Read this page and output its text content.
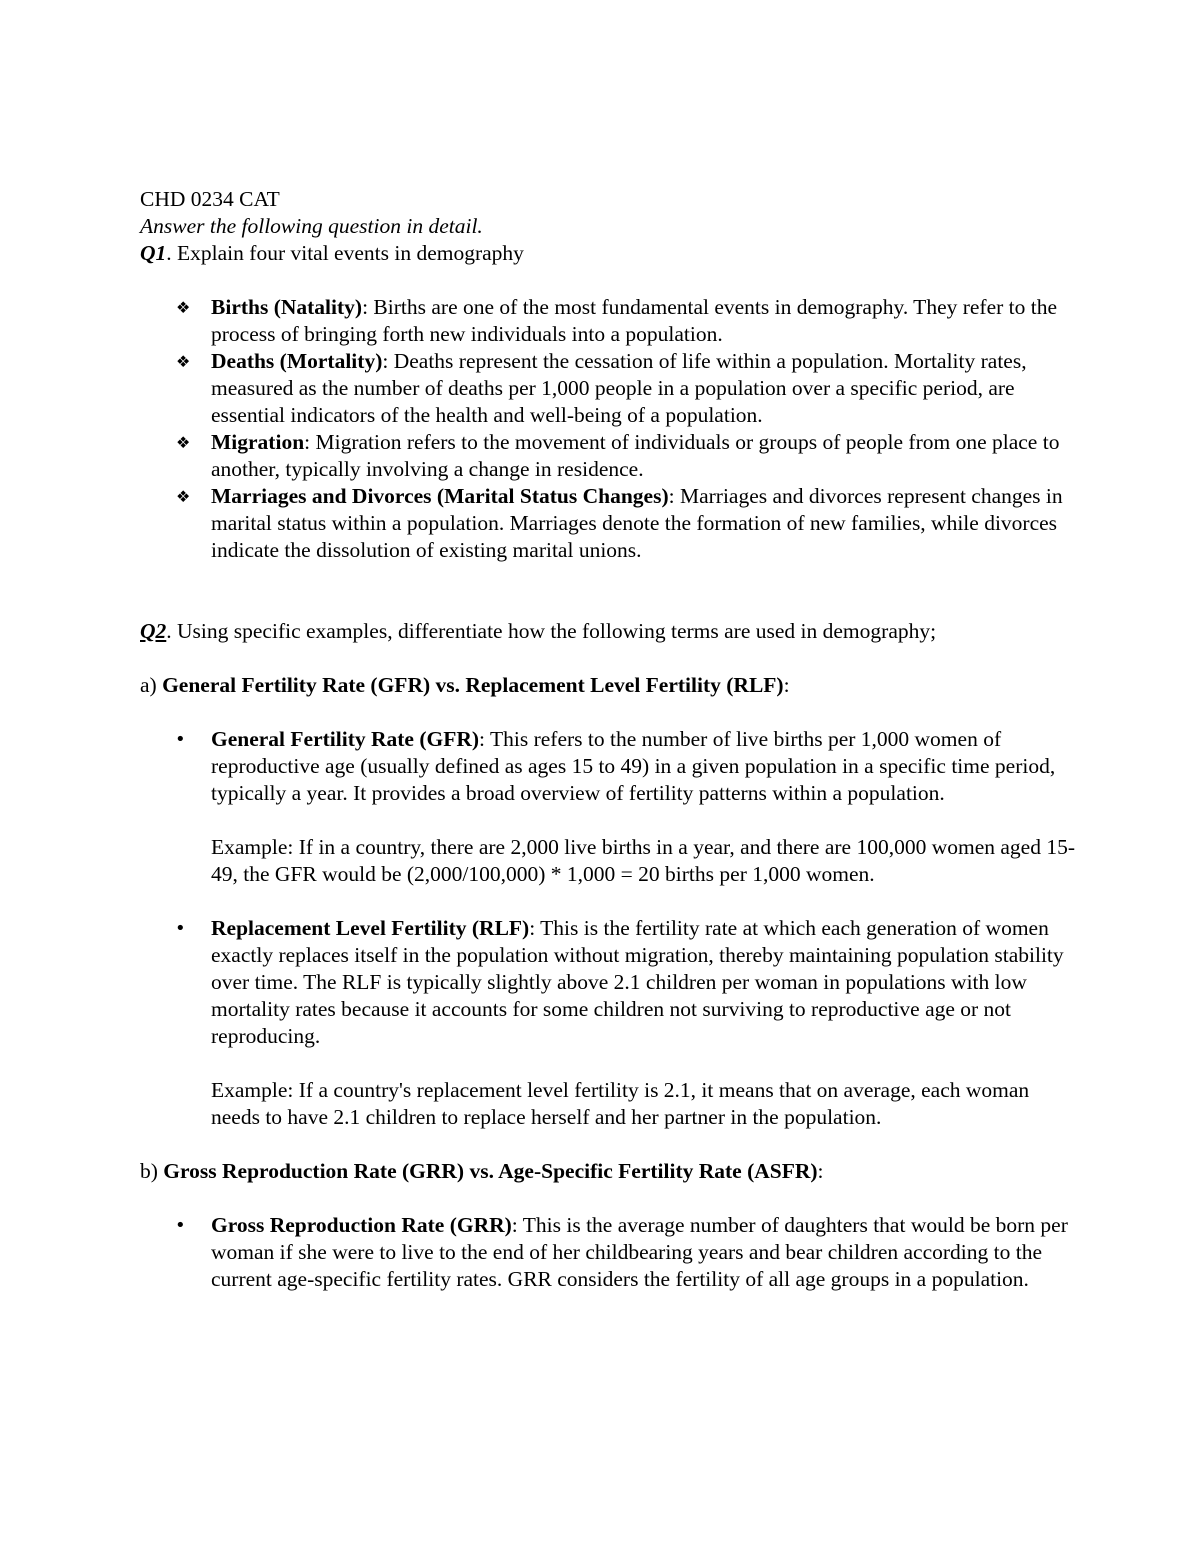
CHD 0234 CAT

Answer the following question in detail.

Q1. Explain four vital events in demography

❖ Births (Natality): Births are one of the most fundamental events in demography. They refer to the process of bringing forth new individuals into a population.
❖ Deaths (Mortality): Deaths represent the cessation of life within a population. Mortality rates, measured as the number of deaths per 1,000 people in a population over a specific period, are essential indicators of the health and well-being of a population.
❖ Migration: Migration refers to the movement of individuals or groups of people from one place to another, typically involving a change in residence.
❖ Marriages and Divorces (Marital Status Changes): Marriages and divorces represent changes in marital status within a population. Marriages denote the formation of new families, while divorces indicate the dissolution of existing marital unions.

Q2. Using specific examples, differentiate how the following terms are used in demography;

a) General Fertility Rate (GFR) vs. Replacement Level Fertility (RLF):

• General Fertility Rate (GFR): This refers to the number of live births per 1,000 women of reproductive age (usually defined as ages 15 to 49) in a given population in a specific time period, typically a year. It provides a broad overview of fertility patterns within a population.

Example: If in a country, there are 2,000 live births in a year, and there are 100,000 women aged 15-49, the GFR would be (2,000/100,000) * 1,000 = 20 births per 1,000 women.

• Replacement Level Fertility (RLF): This is the fertility rate at which each generation of women exactly replaces itself in the population without migration, thereby maintaining population stability over time. The RLF is typically slightly above 2.1 children per woman in populations with low mortality rates because it accounts for some children not surviving to reproductive age or not reproducing.

Example: If a country's replacement level fertility is 2.1, it means that on average, each woman needs to have 2.1 children to replace herself and her partner in the population.

b) Gross Reproduction Rate (GRR) vs. Age-Specific Fertility Rate (ASFR):

• Gross Reproduction Rate (GRR): This is the average number of daughters that would be born per woman if she were to live to the end of her childbearing years and bear children according to the current age-specific fertility rates. GRR considers the fertility of all age groups in a population.
